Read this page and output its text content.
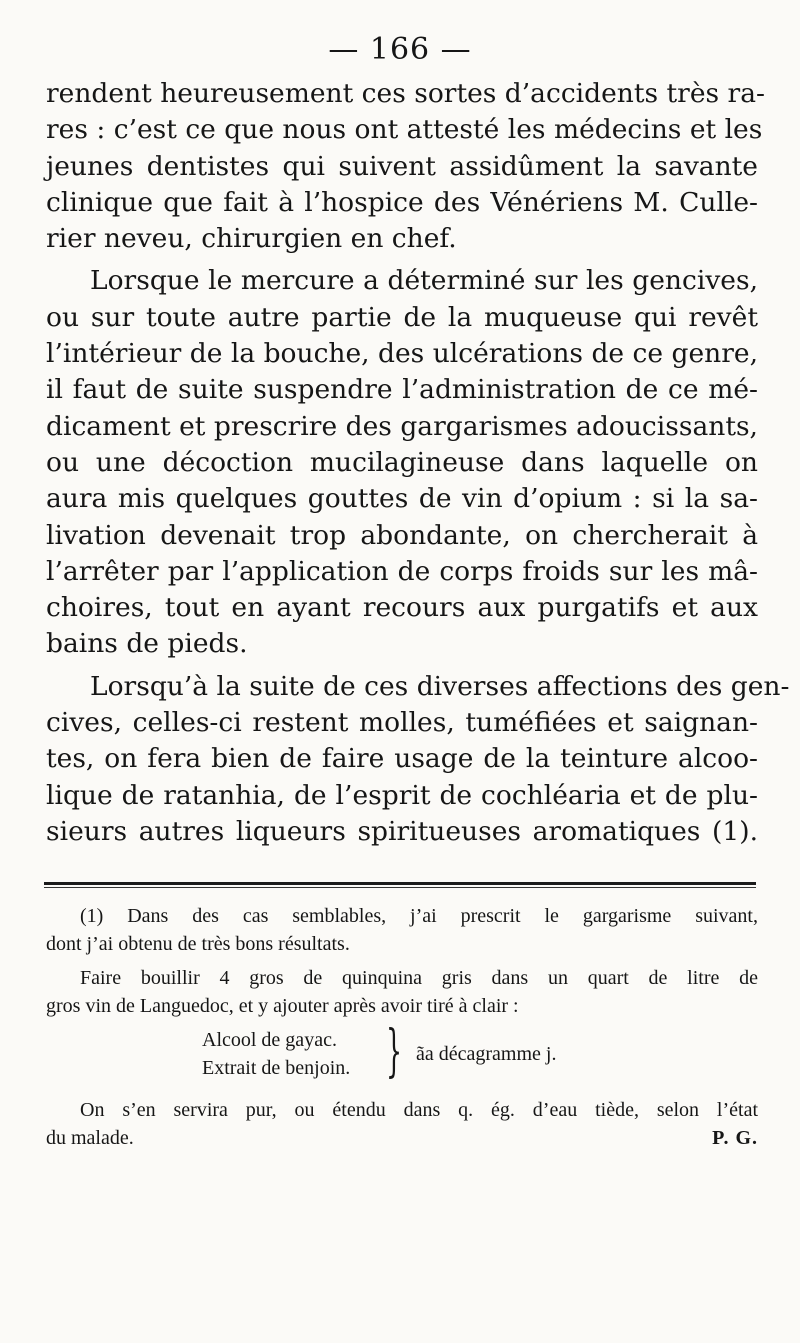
— 166 —
rendent heureusement ces sortes d’accidents très ra-
res : c’est ce que nous ont attesté les médecins et les
jeunes dentistes qui suivent assidûment la savante
clinique que fait à l’hospice des Vénériens M. Culle-
rier neveu, chirurgien en chef.
Lorsque le mercure a déterminé sur les gencives,
ou sur toute autre partie de la muqueuse qui revêt
l’intérieur de la bouche, des ulcérations de ce genre,
il faut de suite suspendre l’administration de ce mé-
dicament et prescrire des gargarismes adoucissants,
ou une décoction mucilagineuse dans laquelle on
aura mis quelques gouttes de vin d’opium : si la sa-
livation devenait trop abondante, on chercherait à
l’arrêter par l’application de corps froids sur les mâ-
choires, tout en ayant recours aux purgatifs et aux
bains de pieds.
Lorsqu’à la suite de ces diverses affections des gen-
cives, celles-ci restent molles, tuméfiées et saignan-
tes, on fera bien de faire usage de la teinture alcoo-
lique de ratanhia, de l’esprit de cochléaria et de plu-
sieurs autres liqueurs spiritueuses aromatiques (1).
(1) Dans des cas semblables, j’ai prescrit le gargarisme suivant,
dont j’ai obtenu de très bons résultats.
Faire bouillir 4 gros de quinquina gris dans un quart de litre de
gros vin de Languedoc, et y ajouter après avoir tiré à clair :
Alcool de gayac.
Extrait de benjoin. } ãa décagramme j.
On s’en servira pur, ou étendu dans q. ég. d’eau tiède, selon l’état
du malade.	P. G.
